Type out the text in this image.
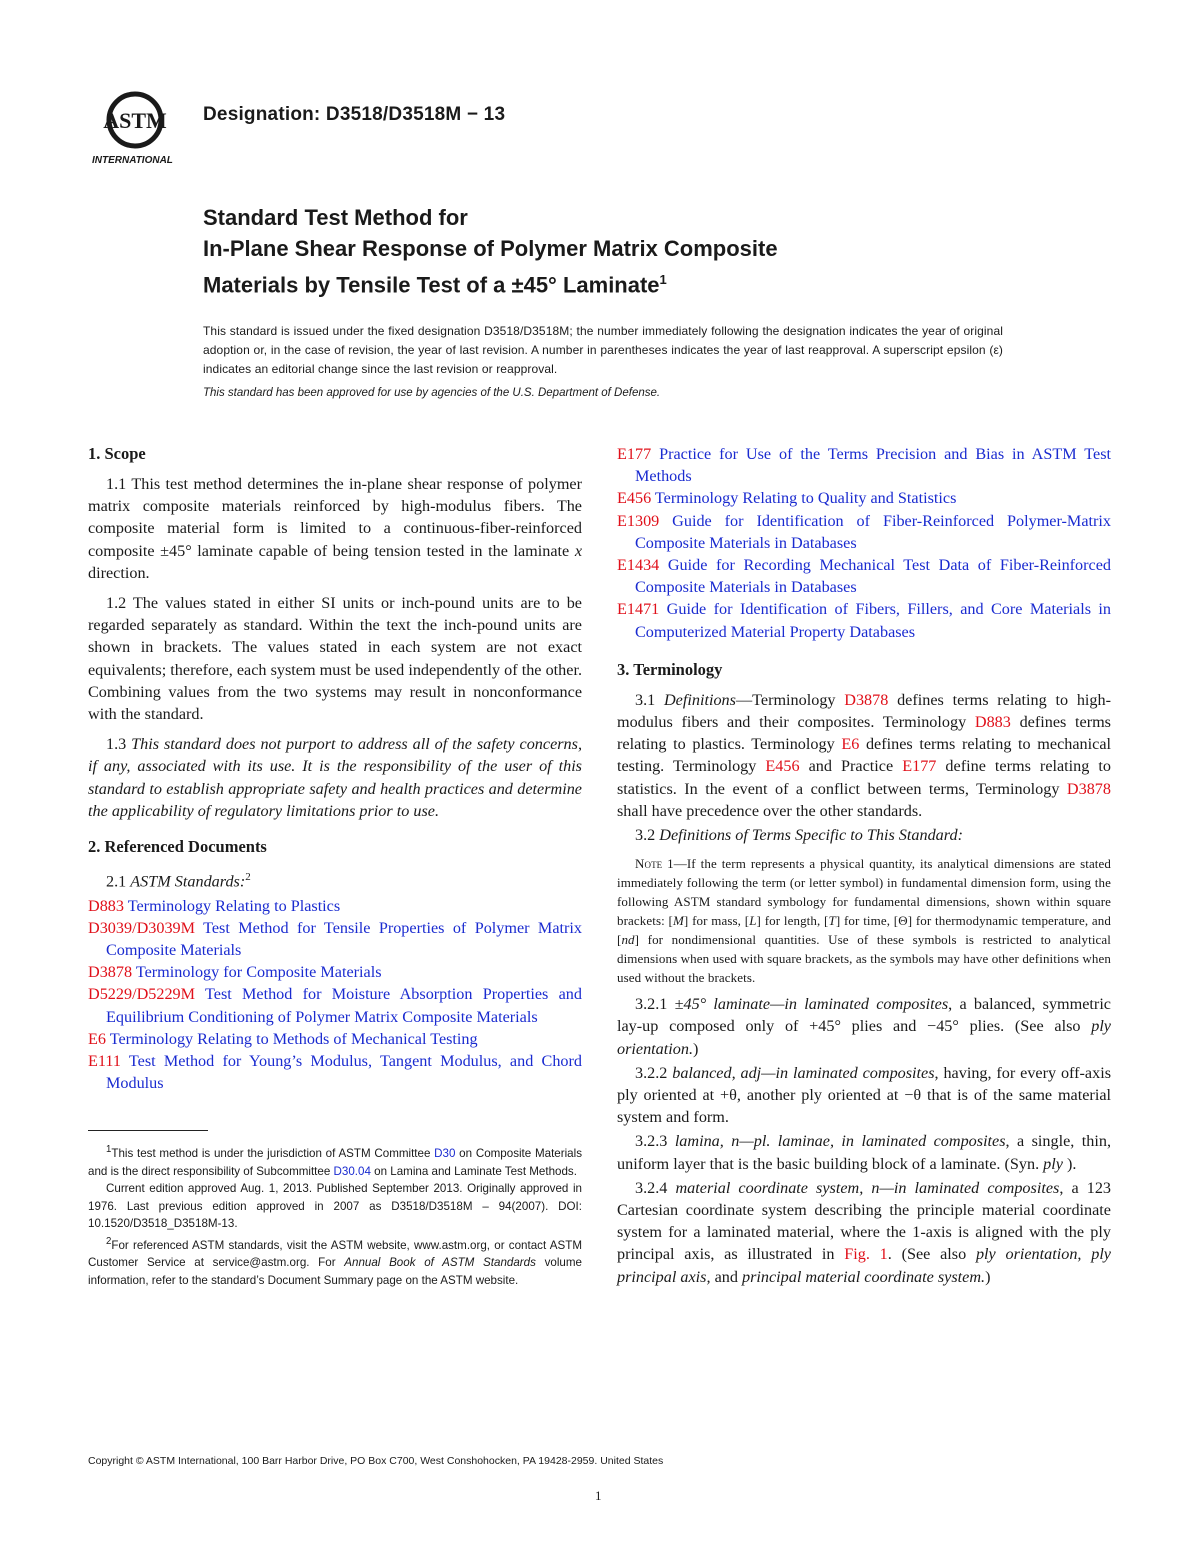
ASTM
INTERNATIONAL
Designation: D3518/D3518M − 13
Standard Test Method for
In-Plane Shear Response of Polymer Matrix Composite
Materials by Tensile Test of a ±45° Laminate$^1$
This standard is issued under the fixed designation D3518/D3518M; the number immediately following the designation indicates the year of original adoption or, in the case of revision, the year of last revision. A number in parentheses indicates the year of last reapproval. A superscript epsilon (ε) indicates an editorial change since the last revision or reapproval.
This standard has been approved for use by agencies of the U.S. Department of Defense.
1. Scope

1.1 This test method determines the in-plane shear response of polymer matrix composite materials reinforced by high-modulus fibers. The composite material form is limited to a continuous-fiber-reinforced composite ±45° laminate capable of being tension tested in the laminate x direction.

1.2 The values stated in either SI units or inch-pound units are to be regarded separately as standard. Within the text the inch-pound units are shown in brackets. The values stated in each system are not exact equivalents; therefore, each system must be used independently of the other. Combining values from the two systems may result in nonconformance with the standard.

1.3 This standard does not purport to address all of the safety concerns, if any, associated with its use. It is the responsibility of the user of this standard to establish appropriate safety and health practices and determine the applicability of regulatory limitations prior to use.

2. Referenced Documents

2.1 ASTM Standards:$^2$

D883 Terminology Relating to Plastics

D3039/D3039M Test Method for Tensile Properties of Polymer Matrix Composite Materials

D3878 Terminology for Composite Materials

D5229/D5229M Test Method for Moisture Absorption Properties and Equilibrium Conditioning of Polymer Matrix Composite Materials

E6 Terminology Relating to Methods of Mechanical Testing

E111 Test Method for Young’s Modulus, Tangent Modulus, and Chord Modulus

$^1$This test method is under the jurisdiction of ASTM Committee D30 on Composite Materials and is the direct responsibility of Subcommittee D30.04 on Lamina and Laminate Test Methods.

Current edition approved Aug. 1, 2013. Published September 2013. Originally approved in 1976. Last previous edition approved in 2007 as D3518/D3518M – 94(2007). DOI: 10.1520/D3518_D3518M-13.

$^2$For referenced ASTM standards, visit the ASTM website, www.astm.org, or contact ASTM Customer Service at service@astm.org. For Annual Book of ASTM Standards volume information, refer to the standard’s Document Summary page on the ASTM website.

E177 Practice for Use of the Terms Precision and Bias in ASTM Test Methods

E456 Terminology Relating to Quality and Statistics

E1309 Guide for Identification of Fiber-Reinforced Polymer-Matrix Composite Materials in Databases

E1434 Guide for Recording Mechanical Test Data of Fiber-Reinforced Composite Materials in Databases

E1471 Guide for Identification of Fibers, Fillers, and Core Materials in Computerized Material Property Databases

3. Terminology

3.1 Definitions—Terminology D3878 defines terms relating to high-modulus fibers and their composites. Terminology D883 defines terms relating to plastics. Terminology E6 defines terms relating to mechanical testing. Terminology E456 and Practice E177 define terms relating to statistics. In the event of a conflict between terms, Terminology D3878 shall have precedence over the other standards.

3.2 Definitions of Terms Specific to This Standard:

Note 1—If the term represents a physical quantity, its analytical dimensions are stated immediately following the term (or letter symbol) in fundamental dimension form, using the following ASTM standard symbology for fundamental dimensions, shown within square brackets: [M] for mass, [L] for length, [T] for time, [Θ] for thermodynamic temperature, and [nd] for nondimensional quantities. Use of these symbols is restricted to analytical dimensions when used with square brackets, as the symbols may have other definitions when used without the brackets.

3.2.1 ±45° laminate—in laminated composites, a balanced, symmetric lay-up composed only of +45° plies and −45° plies. (See also ply orientation.)

3.2.2 balanced, adj—in laminated composites, having, for every off-axis ply oriented at +θ, another ply oriented at −θ that is of the same material system and form.

3.2.3 lamina, n—pl. laminae, in laminated composites, a single, thin, uniform layer that is the basic building block of a laminate. (Syn. ply ).

3.2.4 material coordinate system, n—in laminated composites, a 123 Cartesian coordinate system describing the principle material coordinate system for a laminated material, where the 1-axis is aligned with the ply principal axis, as illustrated in Fig. 1. (See also ply orientation, ply principal axis, and principal material coordinate system.)

Copyright © ASTM International, 100 Barr Harbor Drive, PO Box C700, West Conshohocken, PA 19428-2959. United States
1
